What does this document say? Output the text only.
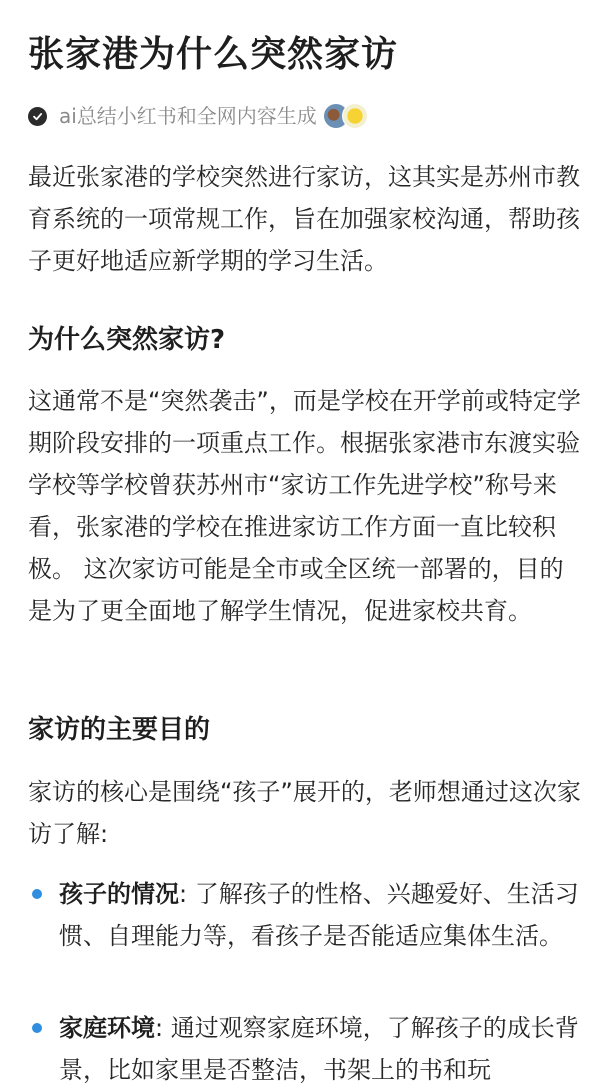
张家港为什么突然家访
ai总结小红书和全网内容生成

最近张家港的学校突然进行家访，这其实是苏州市教育系统的一项常规工作，旨在加强家校沟通，帮助孩子更好地适应新学期的学习生活。

为什么突然家访?

这通常不是“突然袭击”，而是学校在开学前或特定学期阶段安排的一项重点工作。根据张家港市东渡实验学校等学校曾获苏州市“家访工作先进学校”称号来看，张家港的学校在推进家访工作方面一直比较积极。 这次家访可能是全市或全区统一部署的，目的是为了更全面地了解学生情况，促进家校共育。

家访的主要目的

家访的核心是围绕“孩子”展开的，老师想通过这次家访了解:

孩子的情况: 了解孩子的性格、兴趣爱好、生活习惯、自理能力等，看孩子是否能适应集体生活。
家庭环境: 通过观察家庭环境，了解孩子的成长背景，比如家里是否整洁，书架上的书和玩
